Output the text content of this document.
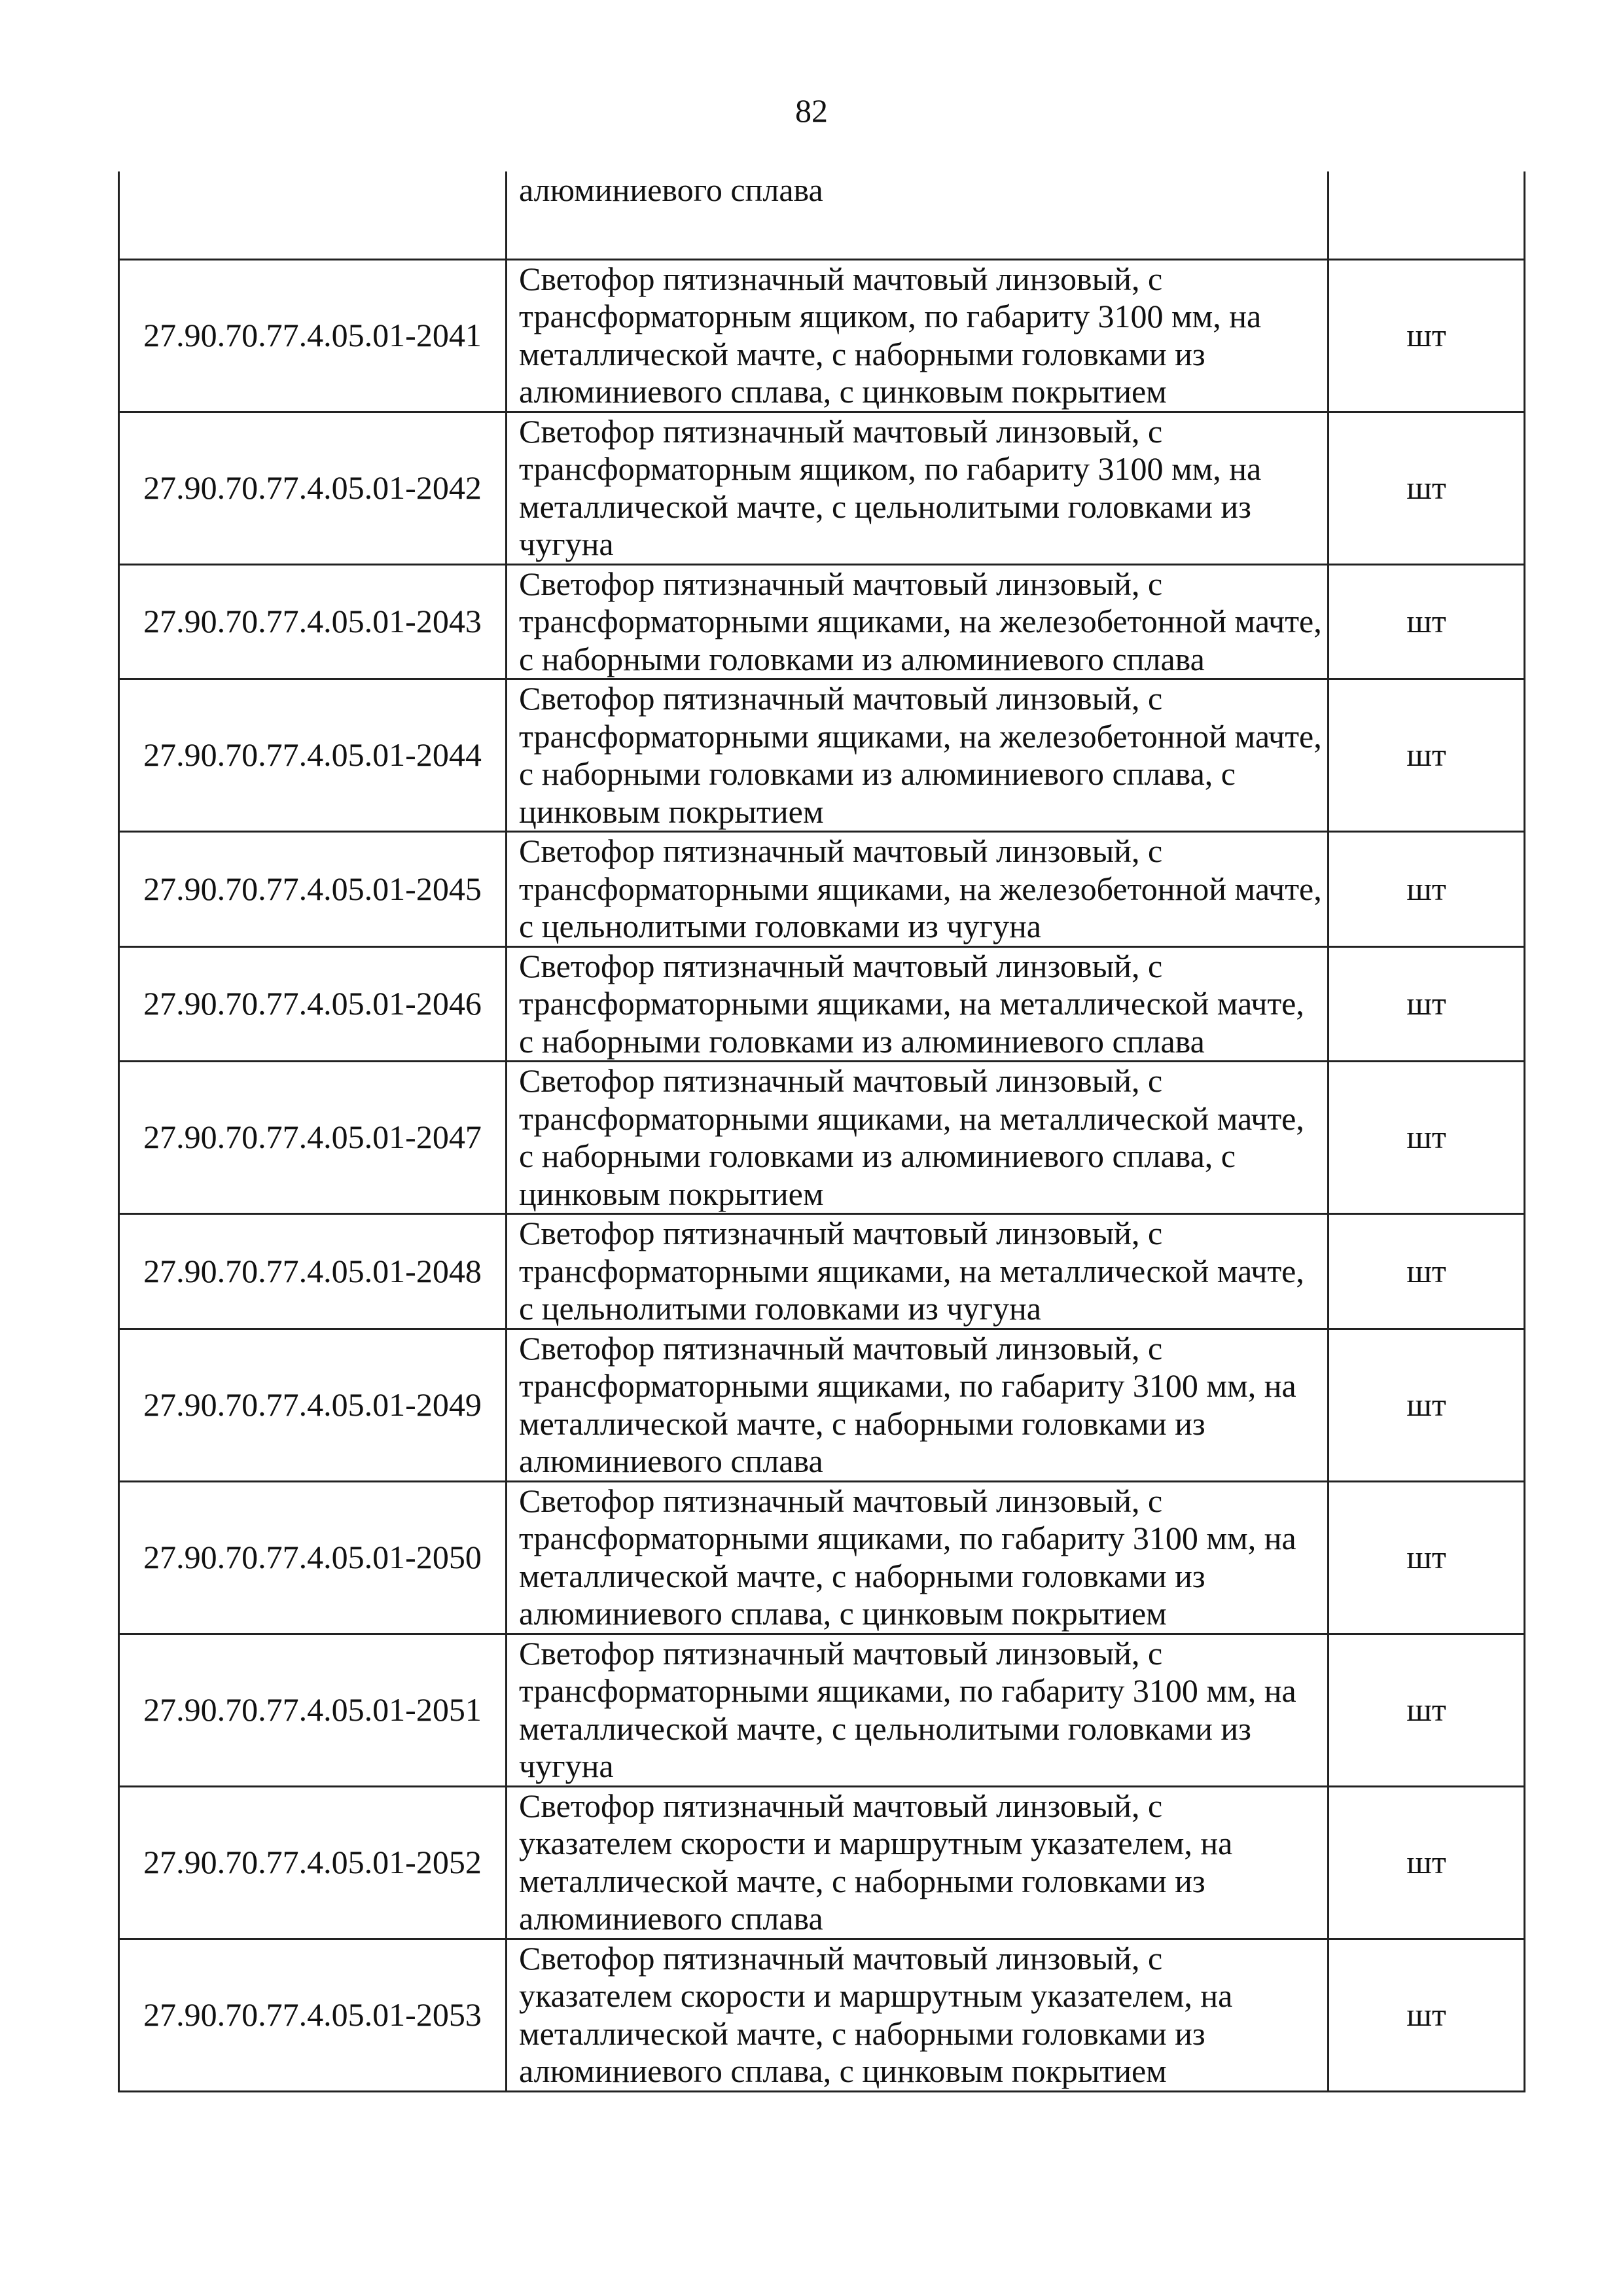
82
	алюминиевого сплава	
27.90.70.77.4.05.01-2041	Светофор пятизначный мачтовый линзовый, с трансформаторным ящиком, по габариту 3100 мм, на металлической мачте, с наборными головками из алюминиевого сплава, с цинковым покрытием	шт
27.90.70.77.4.05.01-2042	Светофор пятизначный мачтовый линзовый, с трансформаторным ящиком, по габариту 3100 мм, на металлической мачте, с цельнолитыми головками из чугуна	шт
27.90.70.77.4.05.01-2043	Светофор пятизначный мачтовый линзовый, с трансформаторными ящиками, на железобетонной мачте, с наборными головками из алюминиевого сплава	шт
27.90.70.77.4.05.01-2044	Светофор пятизначный мачтовый линзовый, с трансформаторными ящиками, на железобетонной мачте, с наборными головками из алюминиевого сплава, с цинковым покрытием	шт
27.90.70.77.4.05.01-2045	Светофор пятизначный мачтовый линзовый, с трансформаторными ящиками, на железобетонной мачте, с цельнолитыми головками из чугуна	шт
27.90.70.77.4.05.01-2046	Светофор пятизначный мачтовый линзовый, с трансформаторными ящиками, на металлической мачте, с наборными головками из алюминиевого сплава	шт
27.90.70.77.4.05.01-2047	Светофор пятизначный мачтовый линзовый, с трансформаторными ящиками, на металлической мачте, с наборными головками из алюминиевого сплава, с цинковым покрытием	шт
27.90.70.77.4.05.01-2048	Светофор пятизначный мачтовый линзовый, с трансформаторными ящиками, на металлической мачте, с цельнолитыми головками из чугуна	шт
27.90.70.77.4.05.01-2049	Светофор пятизначный мачтовый линзовый, с трансформаторными ящиками, по габариту 3100 мм, на металлической мачте, с наборными головками из алюминиевого сплава	шт
27.90.70.77.4.05.01-2050	Светофор пятизначный мачтовый линзовый, с трансформаторными ящиками, по габариту 3100 мм, на металлической мачте, с наборными головками из алюминиевого сплава, с цинковым покрытием	шт
27.90.70.77.4.05.01-2051	Светофор пятизначный мачтовый линзовый, с трансформаторными ящиками, по габариту 3100 мм, на металлической мачте, с цельнолитыми головками из чугуна	шт
27.90.70.77.4.05.01-2052	Светофор пятизначный мачтовый линзовый, с указателем скорости и маршрутным указателем, на металлической мачте, с наборными головками из алюминиевого сплава	шт
27.90.70.77.4.05.01-2053	Светофор пятизначный мачтовый линзовый, с указателем скорости и маршрутным указателем, на металлической мачте, с наборными головками из алюминиевого сплава, с цинковым покрытием	шт
